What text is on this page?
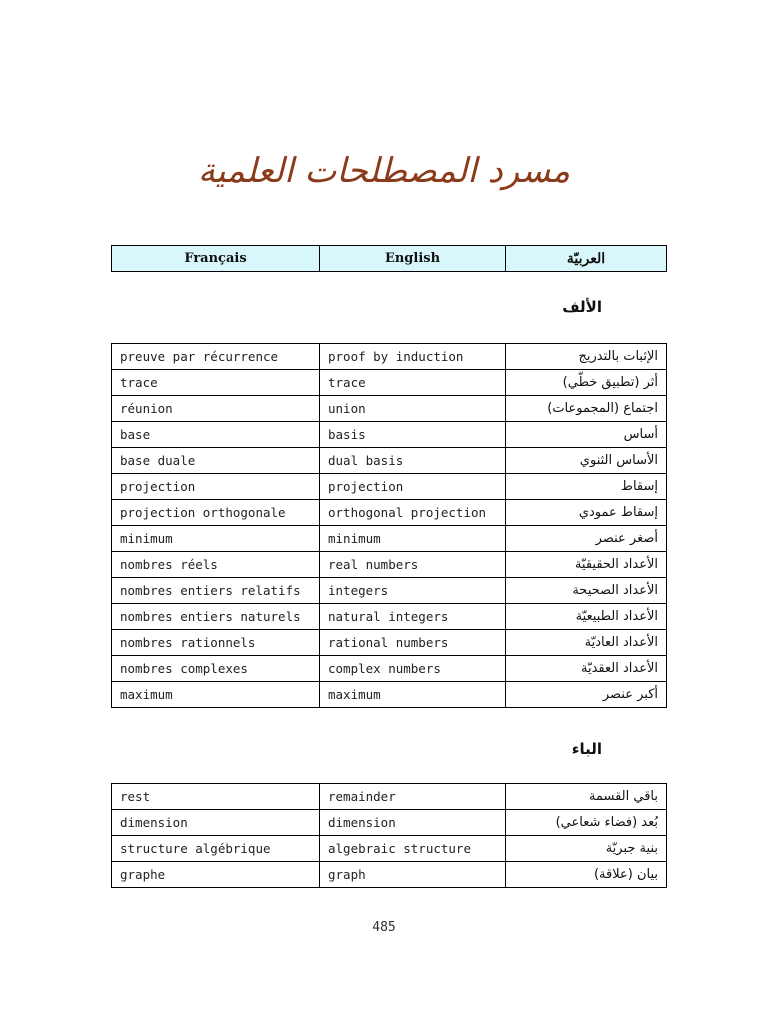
مسرد المصطلحات العلمية
Français	English	العربيّة
الألف
preuve par récurrence	proof by induction	الإثبات بالتدريج
trace	trace	أثر (تطبيق خطّي)
réunion	union	اجتماع (المجموعات)
base	basis	أساس
base duale	dual basis	الأساس الثنوي
projection	projection	إسقاط
projection orthogonale	orthogonal projection	إسقاط عمودي
minimum	minimum	أصغر عنصر
nombres réels	real numbers	الأعداد الحقيقيّة
nombres entiers relatifs	integers	الأعداد الصحيحة
nombres entiers naturels	natural integers	الأعداد الطبيعيّة
nombres rationnels	rational numbers	الأعداد العاديّة
nombres complexes	complex numbers	الأعداد العقديّة
maximum	maximum	أكبر عنصر
الباء
rest	remainder	باقي القسمة
dimension	dimension	بُعد (فضاء شعاعي)
structure algébrique	algebraic structure	بنية جبريّة
graphe	graph	بيان (علاقة)
485
